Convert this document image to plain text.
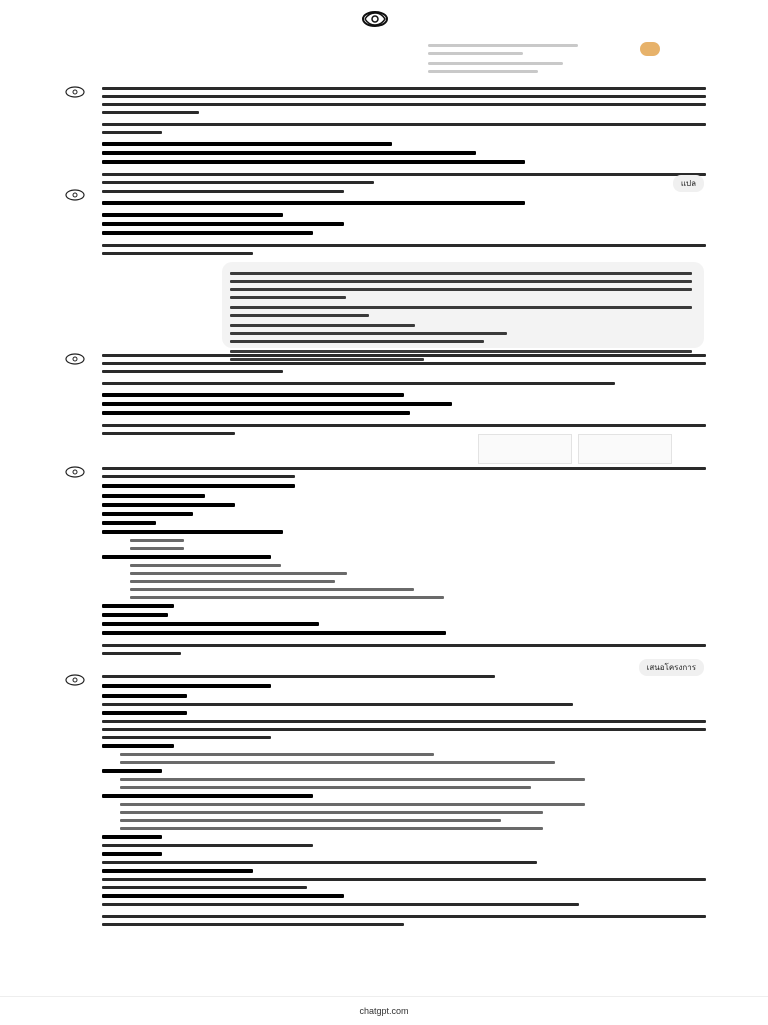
แปล
เสนอโครงการ
chatgpt.com
